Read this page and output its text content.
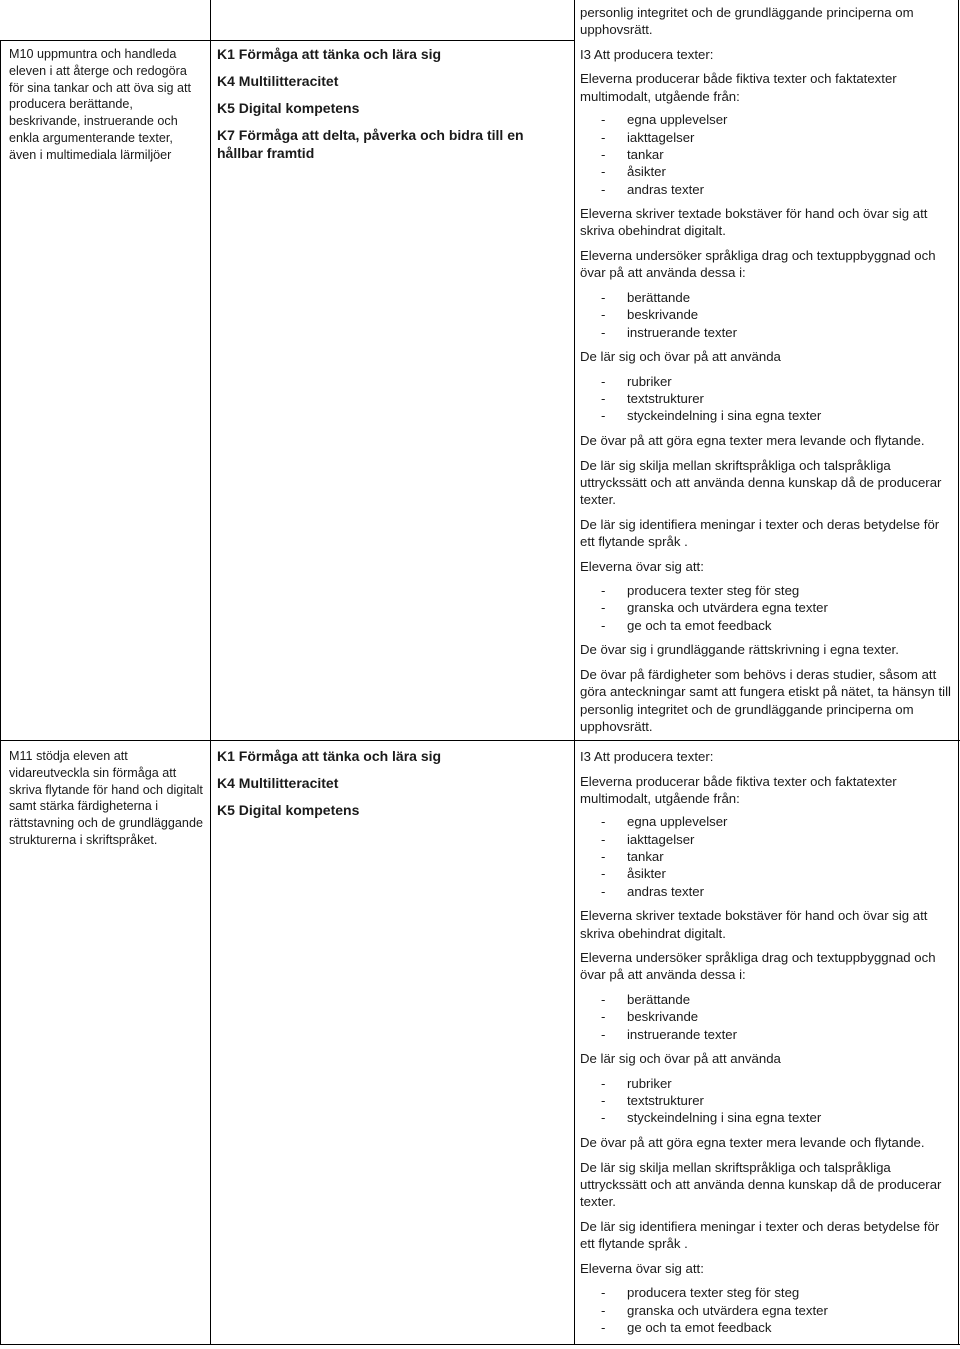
M10 uppmuntra och handleda eleven i att återge och redogöra för sina tankar och att öva sig att producera berättande, beskrivande, instruerande och enkla argumenterande texter, även i multimediala lärmiljöer
K1 Förmåga att tänka och lära sig
K4 Multilitteracitet
K5 Digital kompetens
K7 Förmåga att delta, påverka och bidra till en hållbar framtid

personlig integritet och de grundläggande principerna om upphovsrätt.

I3 Att producera texter:

Eleverna producerar både fiktiva texter och faktatexter multimodalt, utgående från:

- egna upplevelser
- iakttagelser
- tankar
- åsikter
- andras texter

Eleverna skriver textade bokstäver för hand och övar sig att skriva obehindrat digitalt.

Eleverna undersöker språkliga drag och textuppbyggnad och övar på att använda dessa i:

- berättande
- beskrivande
- instruerande texter

De lär sig och övar på att använda

- rubriker
- textstrukturer
- styckeindelning i sina egna texter

De övar på att göra egna texter mera levande och flytande.

De lär sig skilja mellan skriftspråkliga och talspråkliga uttryckssätt och att använda denna kunskap då de producerar texter.

De lär sig identifiera meningar i texter och deras betydelse för ett flytande språk .

Eleverna övar sig att:

- producera texter steg för steg
- granska och utvärdera egna texter
- ge och ta emot feedback

De övar sig i grundläggande rättskrivning i egna texter.

De övar på färdigheter som behövs i deras studier, såsom att göra anteckningar samt att fungera etiskt på nätet, ta hänsyn till personlig integritet och de grundläggande principerna om upphovsrätt.

M11 stödja eleven att vidareutveckla sin förmåga att skriva flytande för hand och digitalt samt stärka färdigheterna i rättstavning och de grundläggande strukturerna i skriftspråket.
K1 Förmåga att tänka och lära sig
K4 Multilitteracitet
K5 Digital kompetens

I3 Att producera texter:

Eleverna producerar både fiktiva texter och faktatexter multimodalt, utgående från:

- egna upplevelser
- iakttagelser
- tankar
- åsikter
- andras texter

Eleverna skriver textade bokstäver för hand och övar sig att skriva obehindrat digitalt.

Eleverna undersöker språkliga drag och textuppbyggnad och övar på att använda dessa i:

- berättande
- beskrivande
- instruerande texter

De lär sig och övar på att använda

- rubriker
- textstrukturer
- styckeindelning i sina egna texter

De övar på att göra egna texter mera levande och flytande.

De lär sig skilja mellan skriftspråkliga och talspråkliga uttryckssätt och att använda denna kunskap då de producerar texter.

De lär sig identifiera meningar i texter och deras betydelse för ett flytande språk .

Eleverna övar sig att:

- producera texter steg för steg
- granska och utvärdera egna texter
- ge och ta emot feedback
